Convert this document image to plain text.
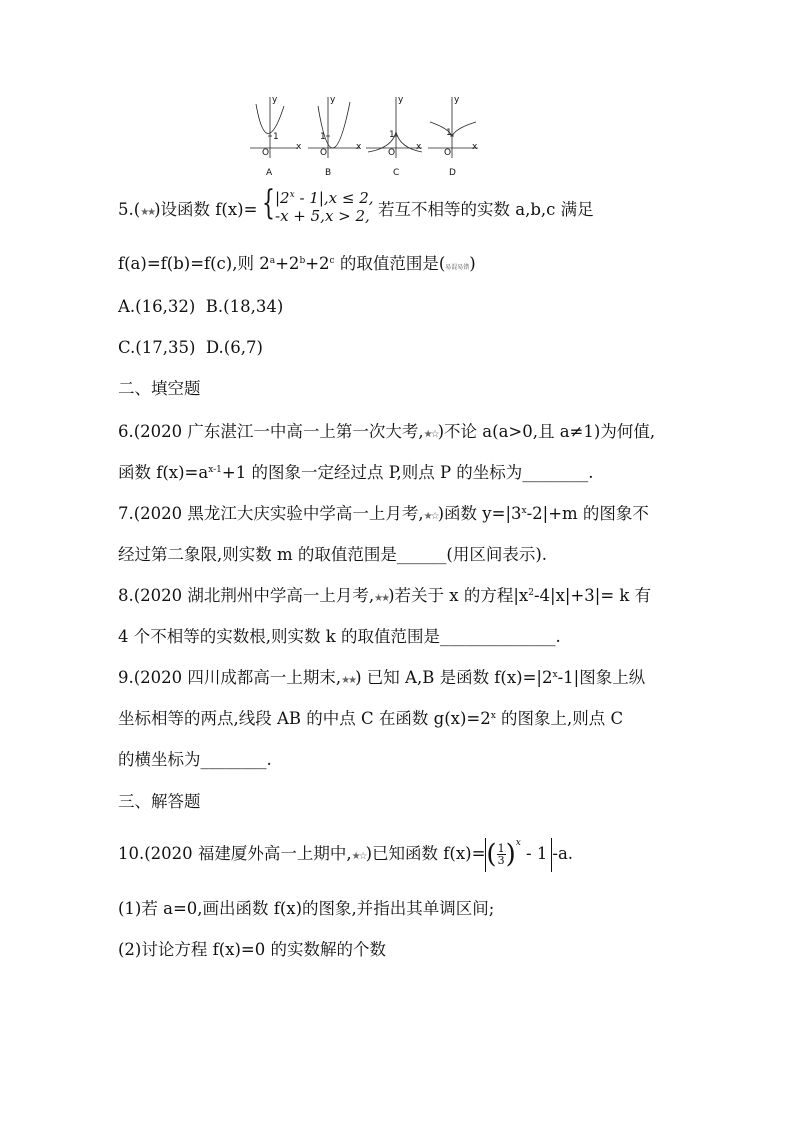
y
x
O
1
A
y
x
O
1
B
y
x
O
1
C
y
x
O
1
D
5.(★★)设函数 f(x)= { |2$^x$ - 1|,x ≤ 2,
-x + 5,x > 2, 若互不相等的实数 a,b,c 满足
f(a)=f(b)=f(c),则 $2^a+2^b+2^c$ 的取值范围是(易混易错)
A.(16,32) B.(18,34)
C.(17,35) D.(6,7)
二、填空题
6.(2020 广东湛江一中高一上第一次大考,★☆)不论 a(a>0,且 a≠1)为何值,
函数 $f(x)=a^{x-1}+1$ 的图象一定经过点 P,则点 P 的坐标为________.
7.(2020 黑龙江大庆实验中学高一上月考,★☆)函数 $y=|3^x-2|+m$ 的图象不
经过第二象限,则实数 m 的取值范围是______(用区间表示).
8.(2020 湖北荆州中学高一上月考,★★)若关于 x 的方程$|x^2-4|x|+3|= k$ 有
4 个不相等的实数根,则实数 k 的取值范围是______________.
9.(2020 四川成都高一上期末,★★) 已知 A,B 是函数 $f(x)=|2^x-1|$图象上纵
坐标相等的两点,线段 AB 的中点 C 在函数 $g(x)=2^x$ 的图象上,则点 C
的横坐标为________.
三、解答题
10.(2020 福建厦外高一上期中,★☆)已知函数 $f(x)=( \frac{1}{3} )^x - 1$ -a.
(1)若 a=0,画出函数 f(x)的图象,并指出其单调区间;
(2)讨论方程 f(x)=0 的实数解的个数
